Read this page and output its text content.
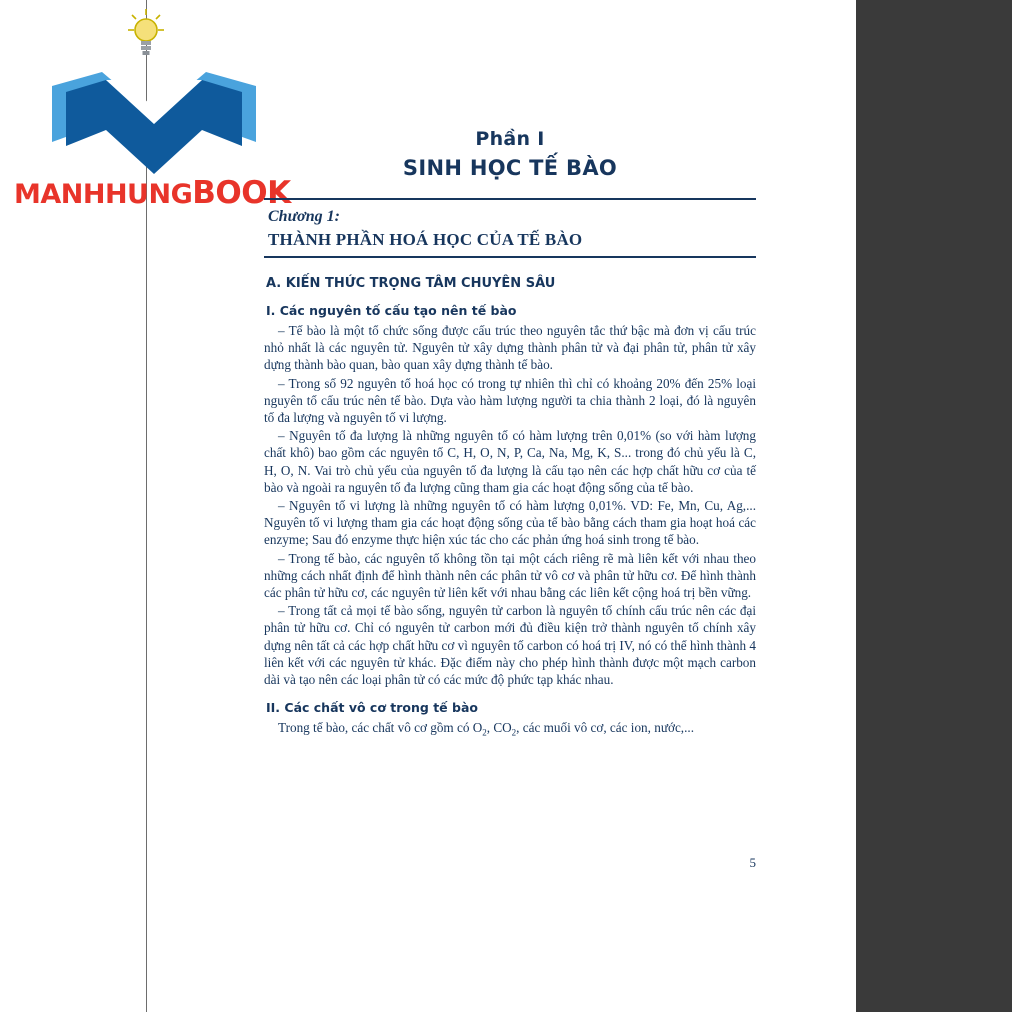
MANHHUNGBOOK
Phần I
SINH HỌC TẾ BÀO
Chương 1:
THÀNH PHẦN HOÁ HỌC CỦA TẾ BÀO
A. KIẾN THỨC TRỌNG TÂM CHUYÊN SÂU
I. Các nguyên tố cấu tạo nên tế bào

– Tế bào là một tổ chức sống được cấu trúc theo nguyên tắc thứ bậc mà đơn vị cấu trúc nhỏ nhất là các nguyên tử. Nguyên tử xây dựng thành phân tử và đại phân tử, phân tử xây dựng thành bào quan, bào quan xây dựng thành tế bào.

– Trong số 92 nguyên tố hoá học có trong tự nhiên thì chỉ có khoảng 20% đến 25% loại nguyên tố cấu trúc nên tế bào. Dựa vào hàm lượng người ta chia thành 2 loại, đó là nguyên tố đa lượng và nguyên tố vi lượng.

– Nguyên tố đa lượng là những nguyên tố có hàm lượng trên 0,01% (so với hàm lượng chất khô) bao gồm các nguyên tố C, H, O, N, P, Ca, Na, Mg, K, S... trong đó chủ yếu là C, H, O, N. Vai trò chủ yếu của nguyên tố đa lượng là cấu tạo nên các hợp chất hữu cơ của tế bào và ngoài ra nguyên tố đa lượng cũng tham gia các hoạt động sống của tế bào.

– Nguyên tố vi lượng là những nguyên tố có hàm lượng 0,01%. VD: Fe, Mn, Cu, Ag,... Nguyên tố vi lượng tham gia các hoạt động sống của tế bào bằng cách tham gia hoạt hoá các enzyme; Sau đó enzyme thực hiện xúc tác cho các phản ứng hoá sinh trong tế bào.

– Trong tế bào, các nguyên tố không tồn tại một cách riêng rẽ mà liên kết với nhau theo những cách nhất định để hình thành nên các phân tử vô cơ và phân tử hữu cơ. Để hình thành các phân tử hữu cơ, các nguyên tử liên kết với nhau bằng các liên kết cộng hoá trị bền vững.

– Trong tất cả mọi tế bào sống, nguyên tử carbon là nguyên tố chính cấu trúc nên các đại phân tử hữu cơ. Chỉ có nguyên tử carbon mới đủ điều kiện trở thành nguyên tố chính xây dựng nên tất cả các hợp chất hữu cơ vì nguyên tố carbon có hoá trị IV, nó có thể hình thành 4 liên kết với các nguyên tử khác. Đặc điểm này cho phép hình thành được một mạch carbon dài và tạo nên các loại phân tử có các mức độ phức tạp khác nhau.

II. Các chất vô cơ trong tế bào

Trong tế bào, các chất vô cơ gồm có $O_2$, $CO_2$, các muối vô cơ, các ion, nước,...

5
